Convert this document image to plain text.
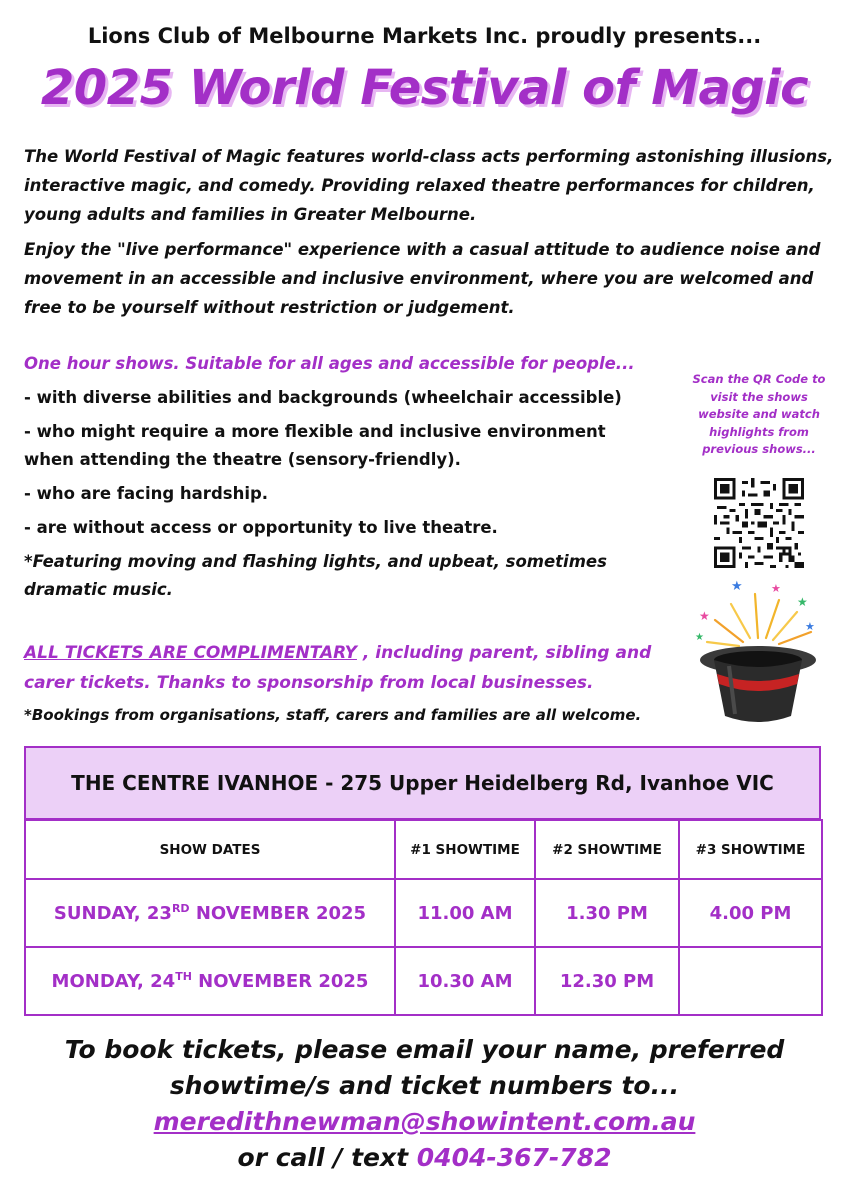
Lions Club of Melbourne Markets Inc. proudly presents...
2025 World Festival of Magic

The World Festival of Magic features world-class acts performing astonishing illusions, interactive magic, and comedy. Providing relaxed theatre performances for children, young adults and families in Greater Melbourne.

Enjoy the "live performance" experience with a casual attitude to audience noise and movement in an accessible and inclusive environment, where you are welcomed and free to be yourself without restriction or judgement.

One hour shows. Suitable for all ages and accessible for people...
- with diverse abilities and backgrounds (wheelchair accessible)
- who might require a more flexible and inclusive environment when attending the theatre (sensory-friendly).
- who are facing hardship.
- are without access or opportunity to live theatre.
*Featuring moving and flashing lights, and upbeat, sometimes dramatic music.
Scan the QR Code to visit the shows website and watch highlights from previous shows...
★	★
★
★
★
★
ALL TICKETS ARE COMPLIMENTARY , including parent, sibling and carer tickets. Thanks to sponsorship from local businesses.
*Bookings from organisations, staff, carers and families are all welcome.
THE CENTRE IVANHOE - 275 Upper Heidelberg Rd, Ivanhoe VIC
SHOW DATES	#1 SHOWTIME	#2 SHOWTIME	#3 SHOWTIME
SUNDAY, 23RD NOVEMBER 2025	11.00 AM	1.30 PM	4.00 PM
MONDAY, 24TH NOVEMBER 2025	10.30 AM	12.30 PM	
To book tickets, please email your name, preferred
showtime/s and ticket numbers to...
meredithnewman@showintent.com.au
or call / text 0404-367-782
